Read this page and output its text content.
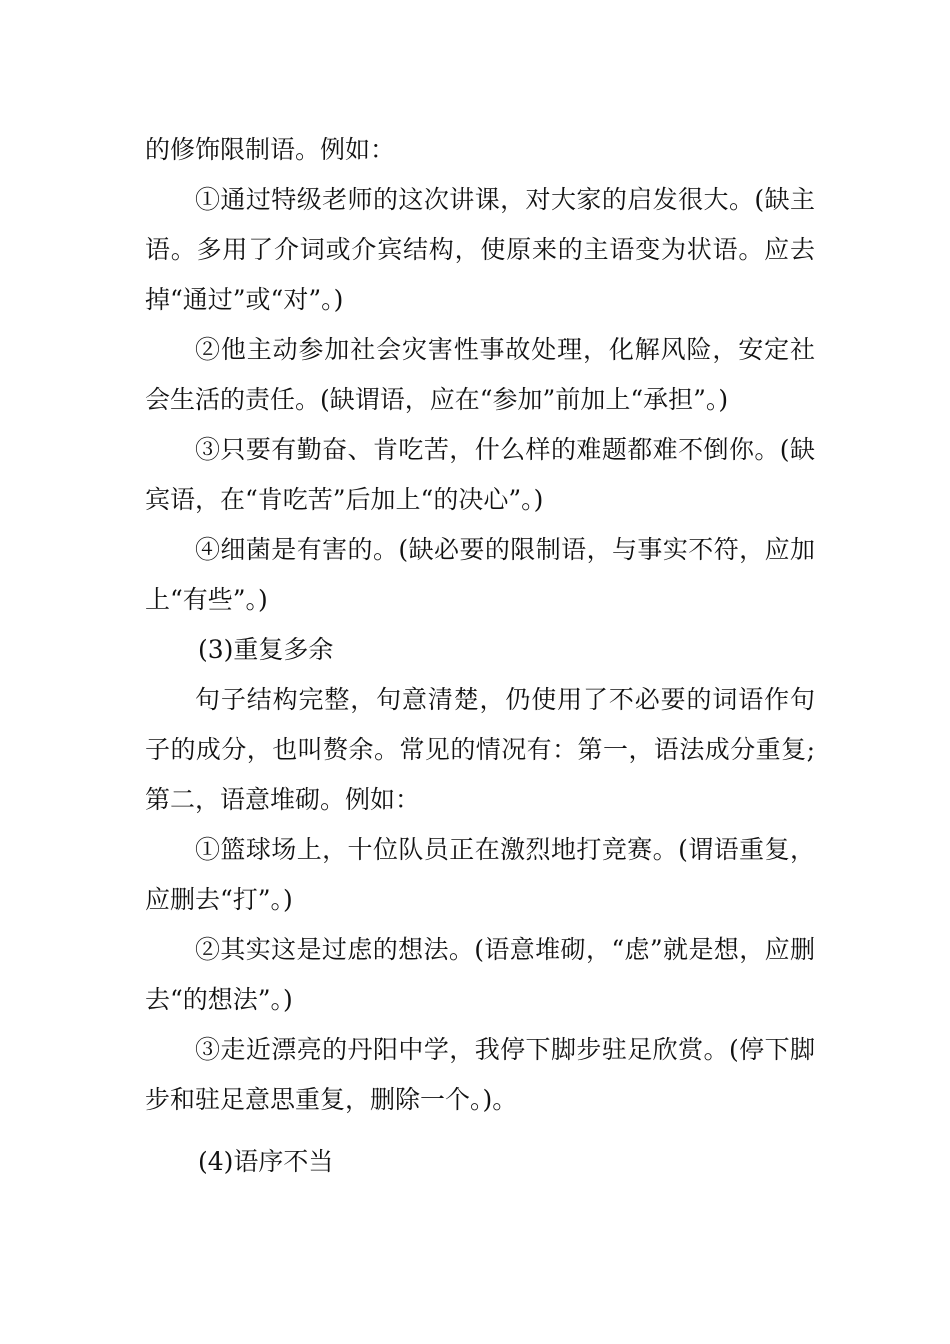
的修饰限制语。例如：

①通过特级老师的这次讲课，对大家的启发很大。(缺主语。多用了介词或介宾结构，使原来的主语变为状语。应去掉“通过”或“对”。)

②他主动参加社会灾害性事故处理，化解风险，安定社会生活的责任。(缺谓语，应在“参加”前加上“承担”。)

③只要有勤奋、肯吃苦，什么样的难题都难不倒你。(缺宾语，在“肯吃苦”后加上“的决心”。)

④细菌是有害的。(缺必要的限制语，与事实不符，应加上“有些”。)

(3)重复多余

句子结构完整，句意清楚，仍使用了不必要的词语作句子的成分，也叫赘余。常见的情况有：第一，语法成分重复;第二，语意堆砌。例如：

①篮球场上，十位队员正在激烈地打竞赛。(谓语重复，应删去“打”。)

②其实这是过虑的想法。(语意堆砌，“虑”就是想，应删去“的想法”。)

③走近漂亮的丹阳中学，我停下脚步驻足欣赏。(停下脚步和驻足意思重复，删除一个。)。

(4)语序不当
